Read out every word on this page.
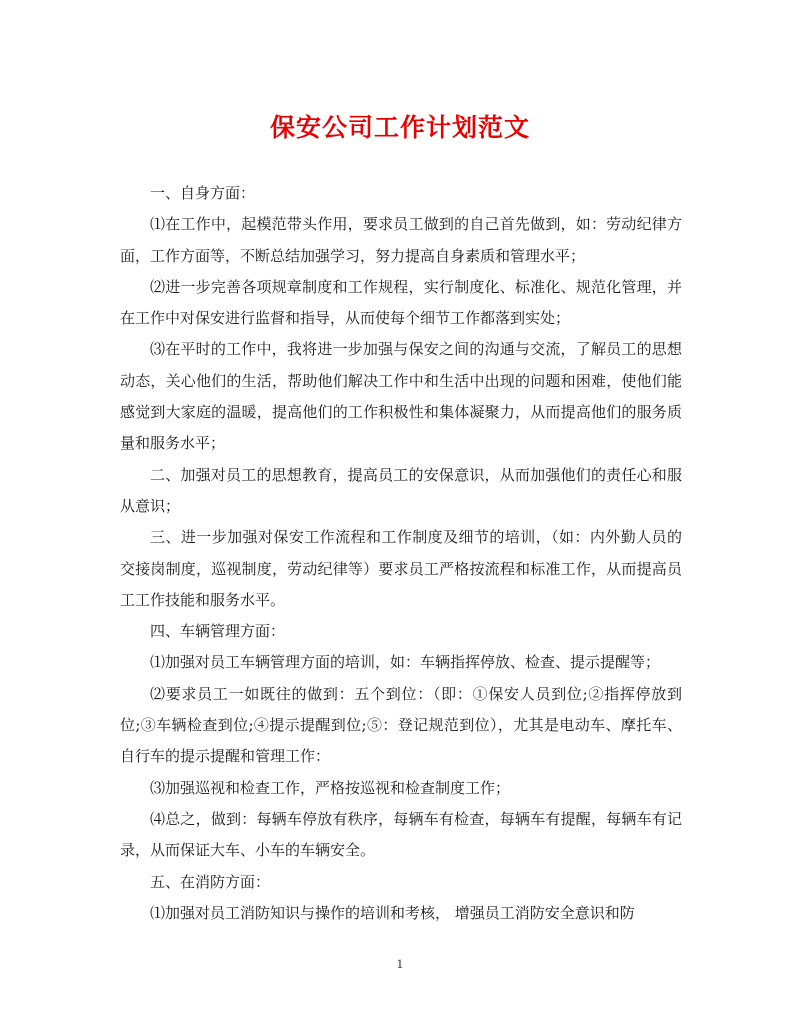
保安公司工作计划范文

一、自身方面：

⑴在工作中，起模范带头作用，要求员工做到的自己首先做到，如：劳动纪律方面，工作方面等，不断总结加强学习，努力提高自身素质和管理水平；

⑵进一步完善各项规章制度和工作规程，实行制度化、标准化、规范化管理，并在工作中对保安进行监督和指导，从而使每个细节工作都落到实处；

⑶在平时的工作中，我将进一步加强与保安之间的沟通与交流，了解员工的思想动态，关心他们的生活，帮助他们解决工作中和生活中出现的问题和困难，使他们能感觉到大家庭的温暖，提高他们的工作积极性和集体凝聚力，从而提高他们的服务质量和服务水平；

二、加强对员工的思想教育，提高员工的安保意识，从而加强他们的责任心和服从意识；

三、进一步加强对保安工作流程和工作制度及细节的培训，（如：内外勤人员的交接岗制度，巡视制度，劳动纪律等）要求员工严格按流程和标准工作，从而提高员工工作技能和服务水平。

四、车辆管理方面：

⑴加强对员工车辆管理方面的培训，如：车辆指挥停放、检查、提示提醒等；

⑵要求员工一如既往的做到：五个到位：（即：①保安人员到位;②指挥停放到位;③车辆检查到位;④提示提醒到位;⑤：登记规范到位），尤其是电动车、摩托车、自行车的提示提醒和管理工作：

⑶加强巡视和检查工作，严格按巡视和检查制度工作；

⑷总之，做到：每辆车停放有秩序，每辆车有检查，每辆车有提醒，每辆车有记录，从而保证大车、小车的车辆安全。

五、在消防方面：

⑴加强对员工消防知识与操作的培训和考核， 增强员工消防安全意识和防

1
